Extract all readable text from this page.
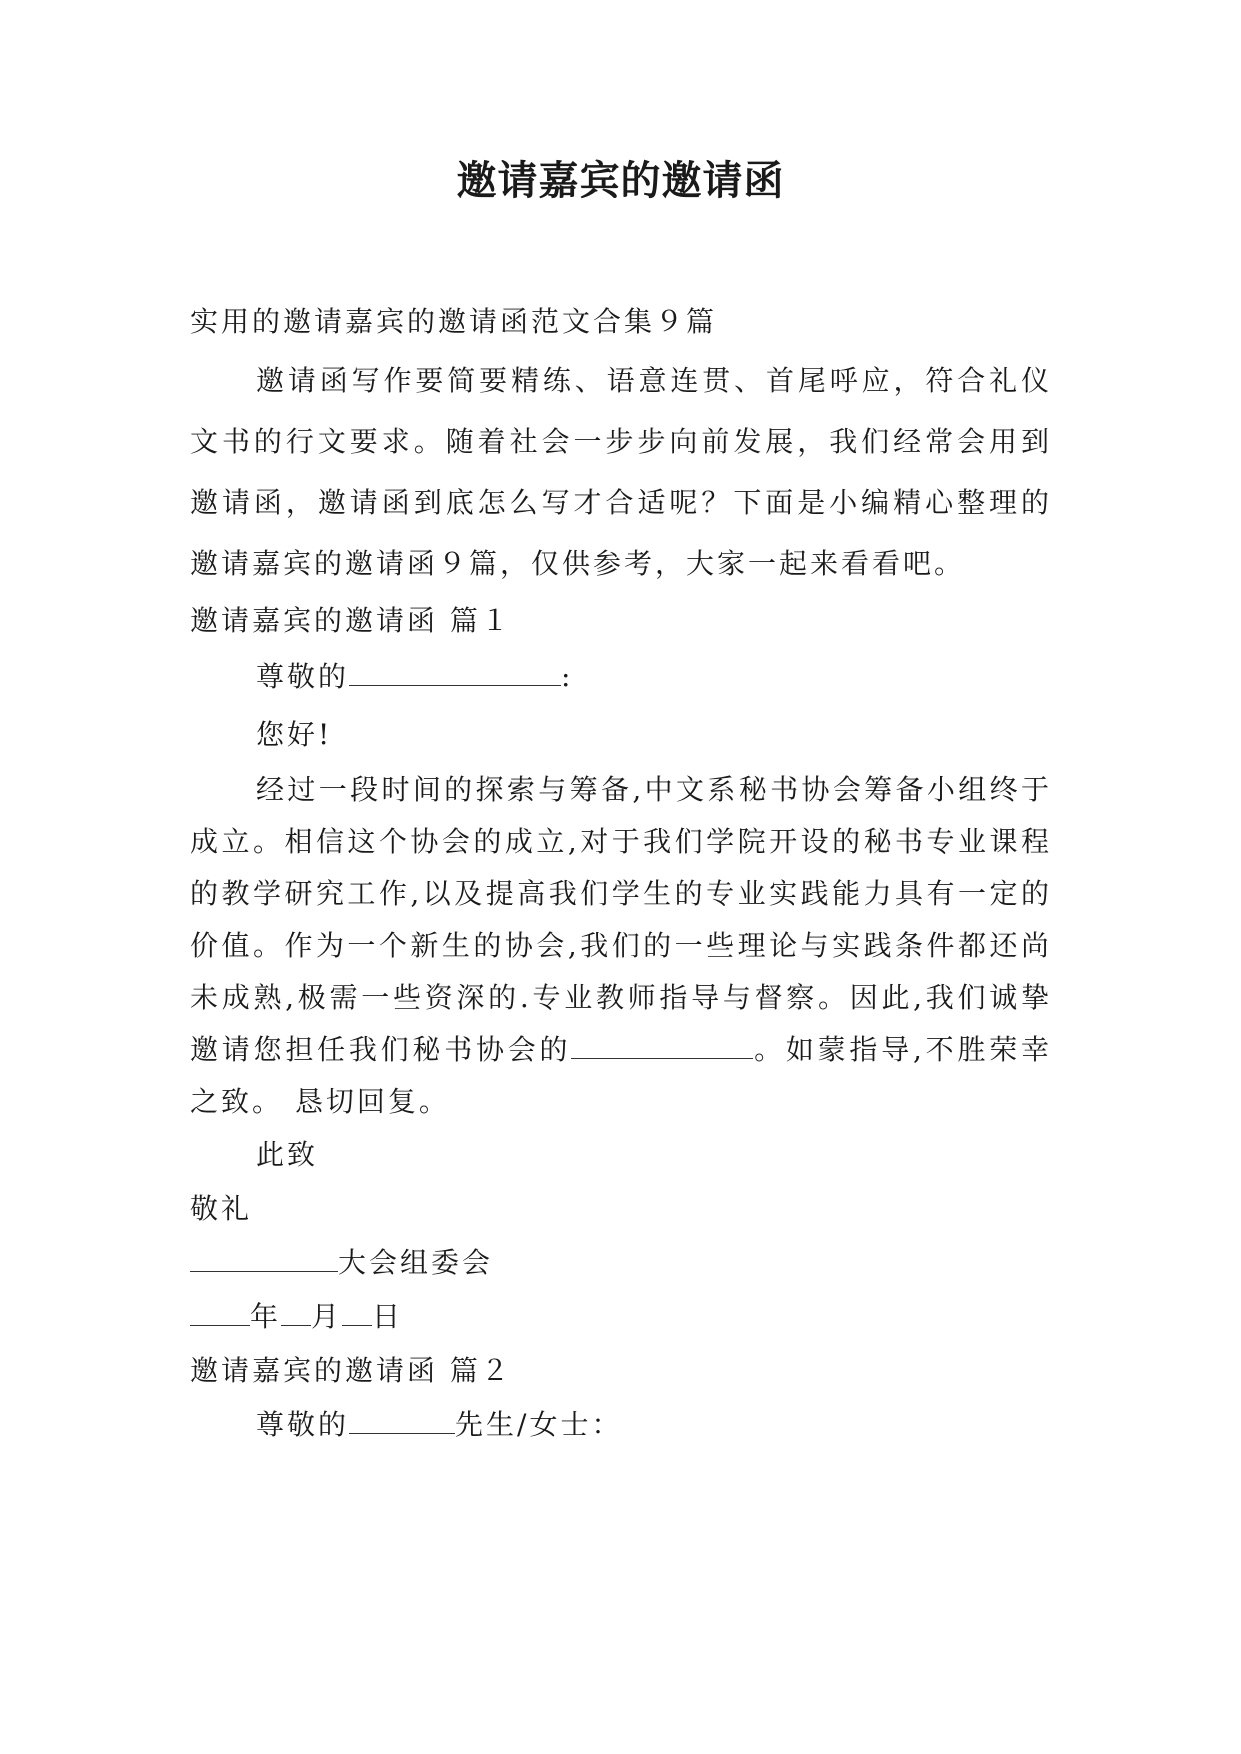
邀请嘉宾的邀请函

实用的邀请嘉宾的邀请函范文合集９篇

邀请函写作要简要精练、语意连贯、首尾呼应，符合礼仪文书的行文要求。随着社会一步步向前发展，我们经常会用到邀请函，邀请函到底怎么写才合适呢？下面是小编精心整理的邀请嘉宾的邀请函９篇，仅供参考，大家一起来看看吧。

邀请嘉宾的邀请函 篇１

尊敬的	:

您好!

经过一段时间的探索与筹备,中文系秘书协会筹备小组终于成立。相信这个协会的成立,对于我们学院开设的秘书专业课程的教学研究工作,以及提高我们学生的专业实践能力具有一定的价值。作为一个新生的协会,我们的一些理论与实践条件都还尚未成熟,极需一些资深的.专业教师指导与督察。因此,我们诚挚邀请您担任我们秘书协会的	。如蒙指导,不胜荣幸之致。 恳切回复。

此致

敬礼

大会组委会

年 月 日

邀请嘉宾的邀请函 篇２

尊敬的	先生/女士：
